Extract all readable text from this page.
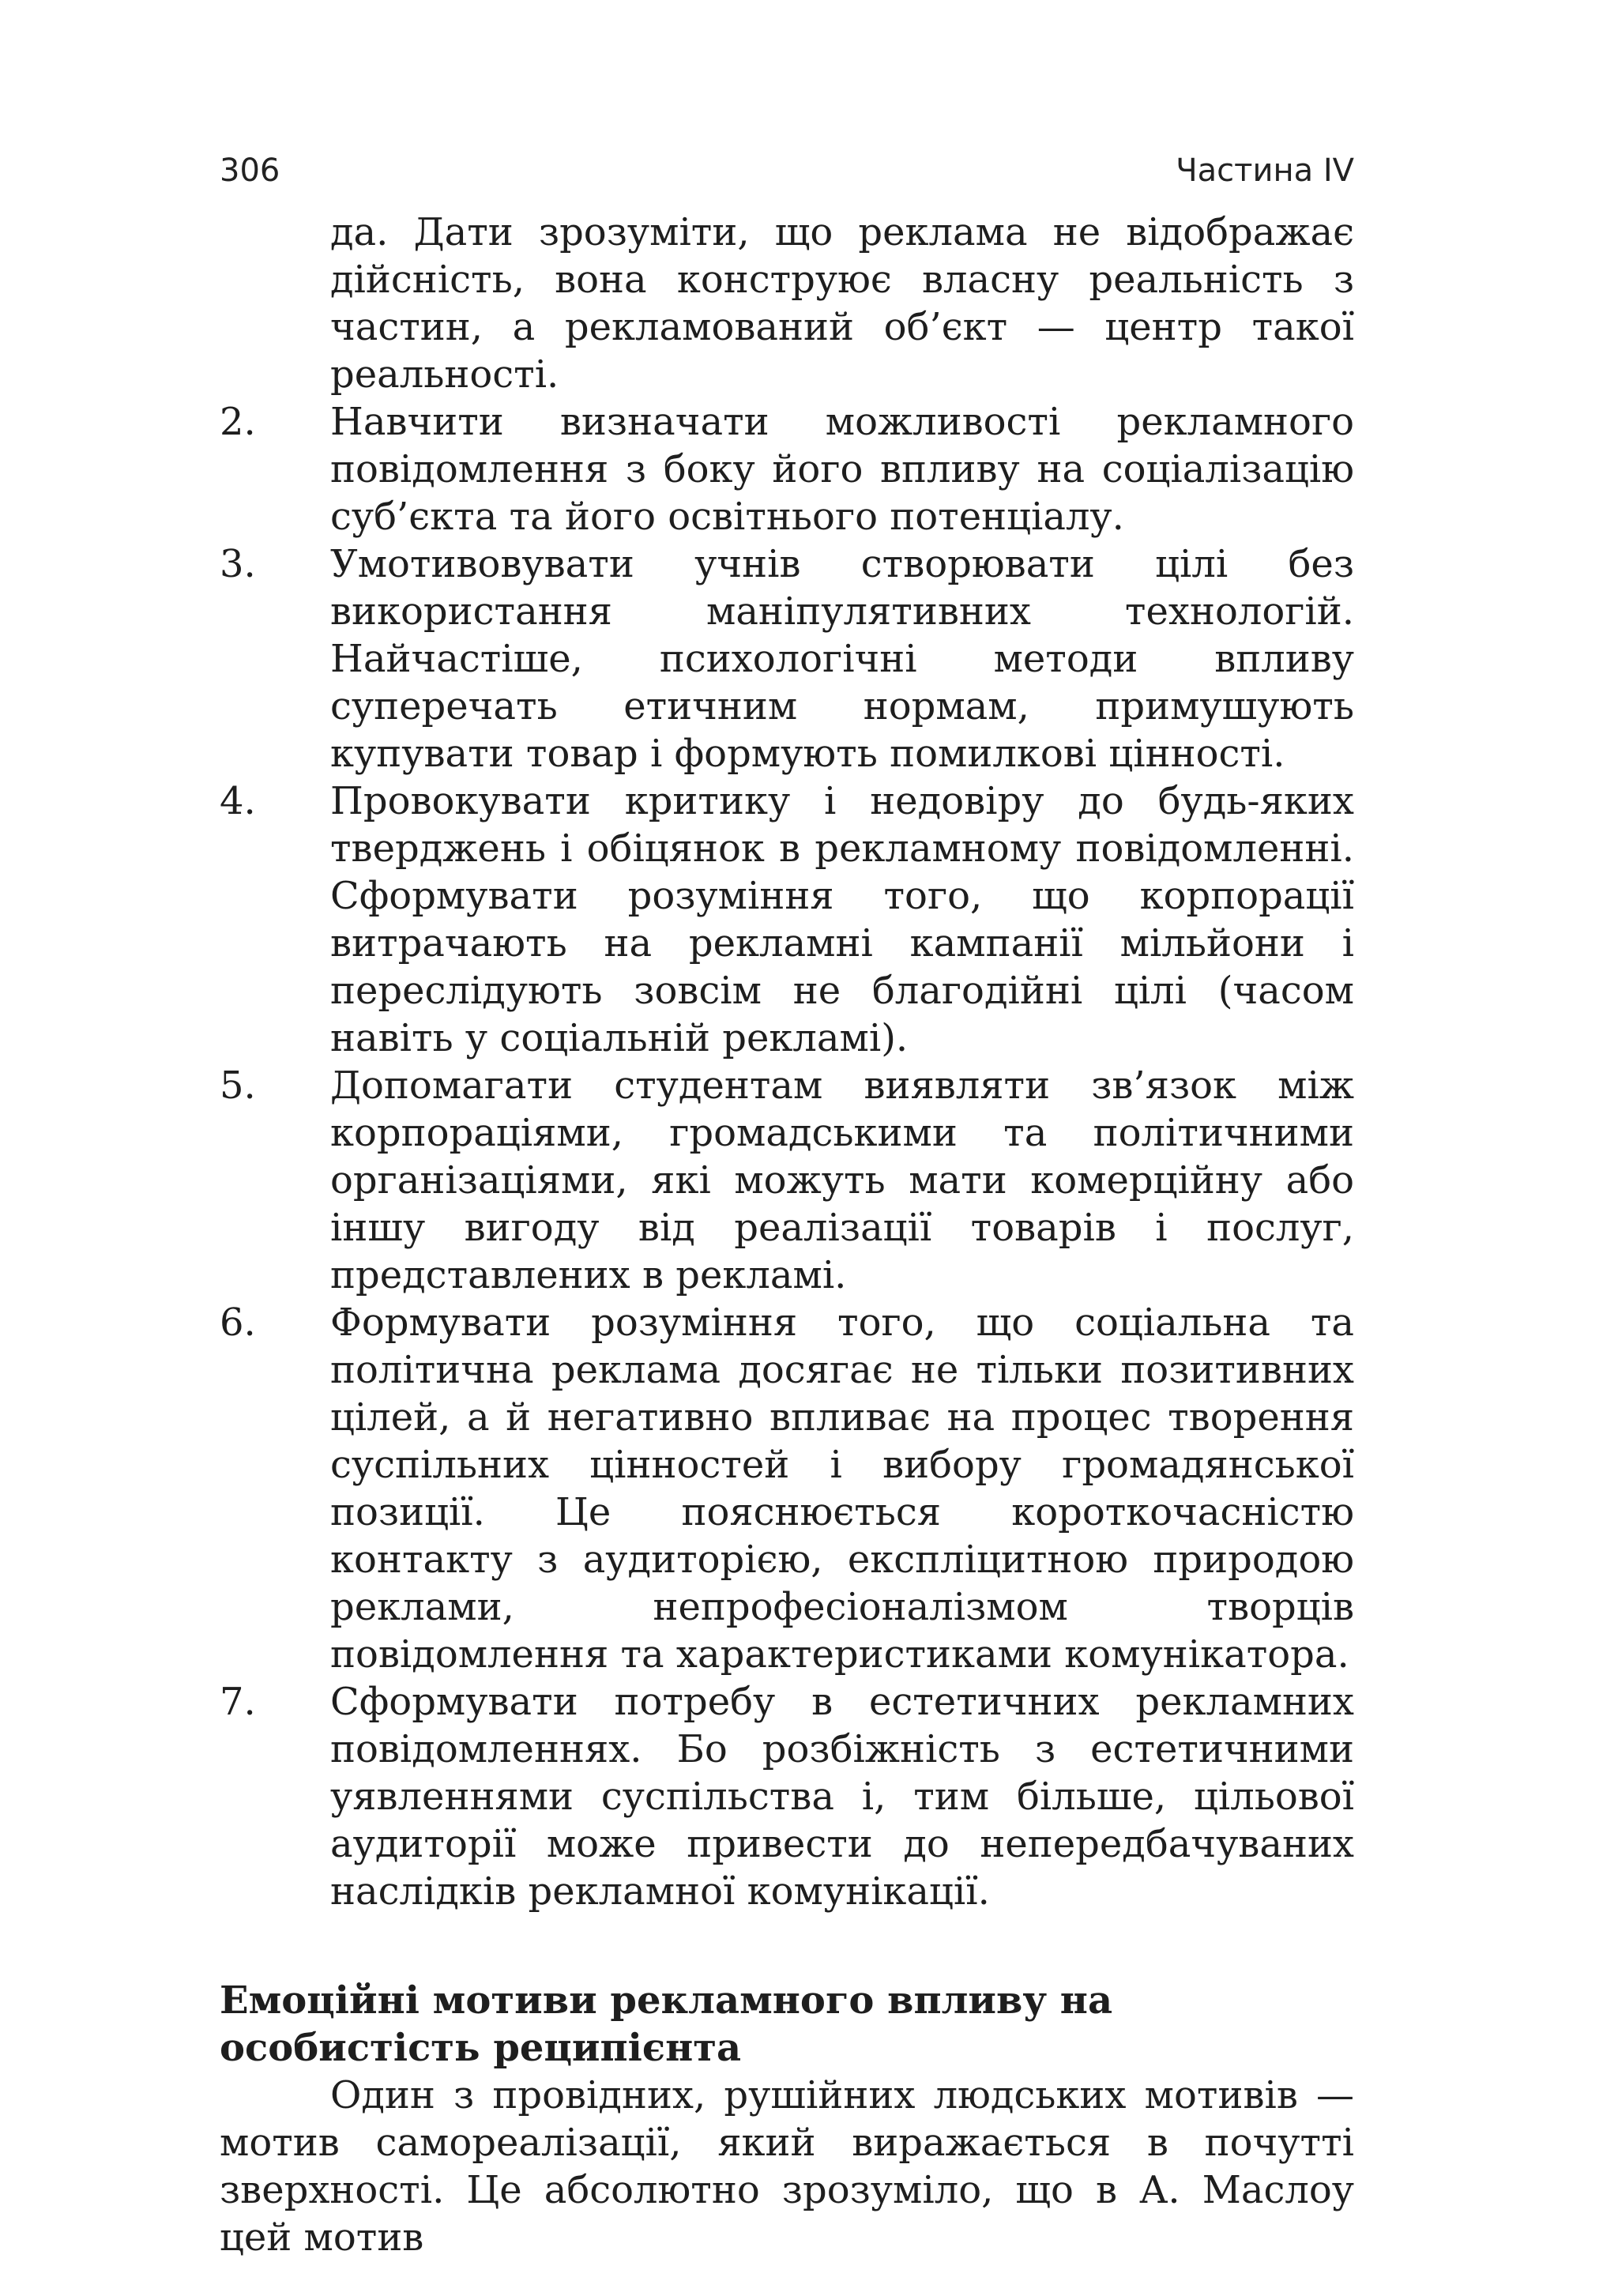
306	Частина IV
да. Дати зрозуміти, що реклама не відображає дійсність, вона конструює власну реальність з частин, а рекламований об’єкт — центр такої реальності.
2. Навчити визначати можливості рекламного повідомлення з боку його впливу на соціалізацію суб’єкта та його освітнього потенціалу.
3. Умотивовувати учнів створювати цілі без використання маніпулятивних технологій. Найчастіше, психологічні методи впливу суперечать етичним нормам, примушують купувати товар і формують помилкові цінності.
4. Провокувати критику і недовіру до будь-яких тверджень і обіцянок в рекламному повідомленні. Сформувати розуміння того, що корпорації витрачають на рекламні кампанії мільйони і переслідують зовсім не благодійні цілі (часом навіть у соціальній рекламі).
5. Допомагати студентам виявляти зв’язок між корпораціями, громадськими та політичними організаціями, які можуть мати комерційну або іншу вигоду від реалізації товарів і послуг, представлених в рекламі.
6. Формувати розуміння того, що соціальна та політична реклама досягає не тільки позитивних цілей, а й негативно впливає на процес творення суспільних цінностей і вибору громадянської позиції. Це пояснюється короткочасністю контакту з аудиторією, експліцитною природою реклами, непрофесіоналізмом творців повідомлення та характеристиками комунікатора.
7. Сформувати потребу в естетичних рекламних повідомленнях. Бо розбіжність з естетичними уявленнями суспільства і, тим більше, цільової аудиторії може привести до непередбачуваних наслідків рекламної комунікації.
Емоційні мотиви рекламного впливу на особистість реципієнта

Один з провідних, рушійних людських мотивів — мотив самореалізації, який виражається в почутті зверхності. Це абсолютно зрозуміло, що в А. Маслоу цей мотив
